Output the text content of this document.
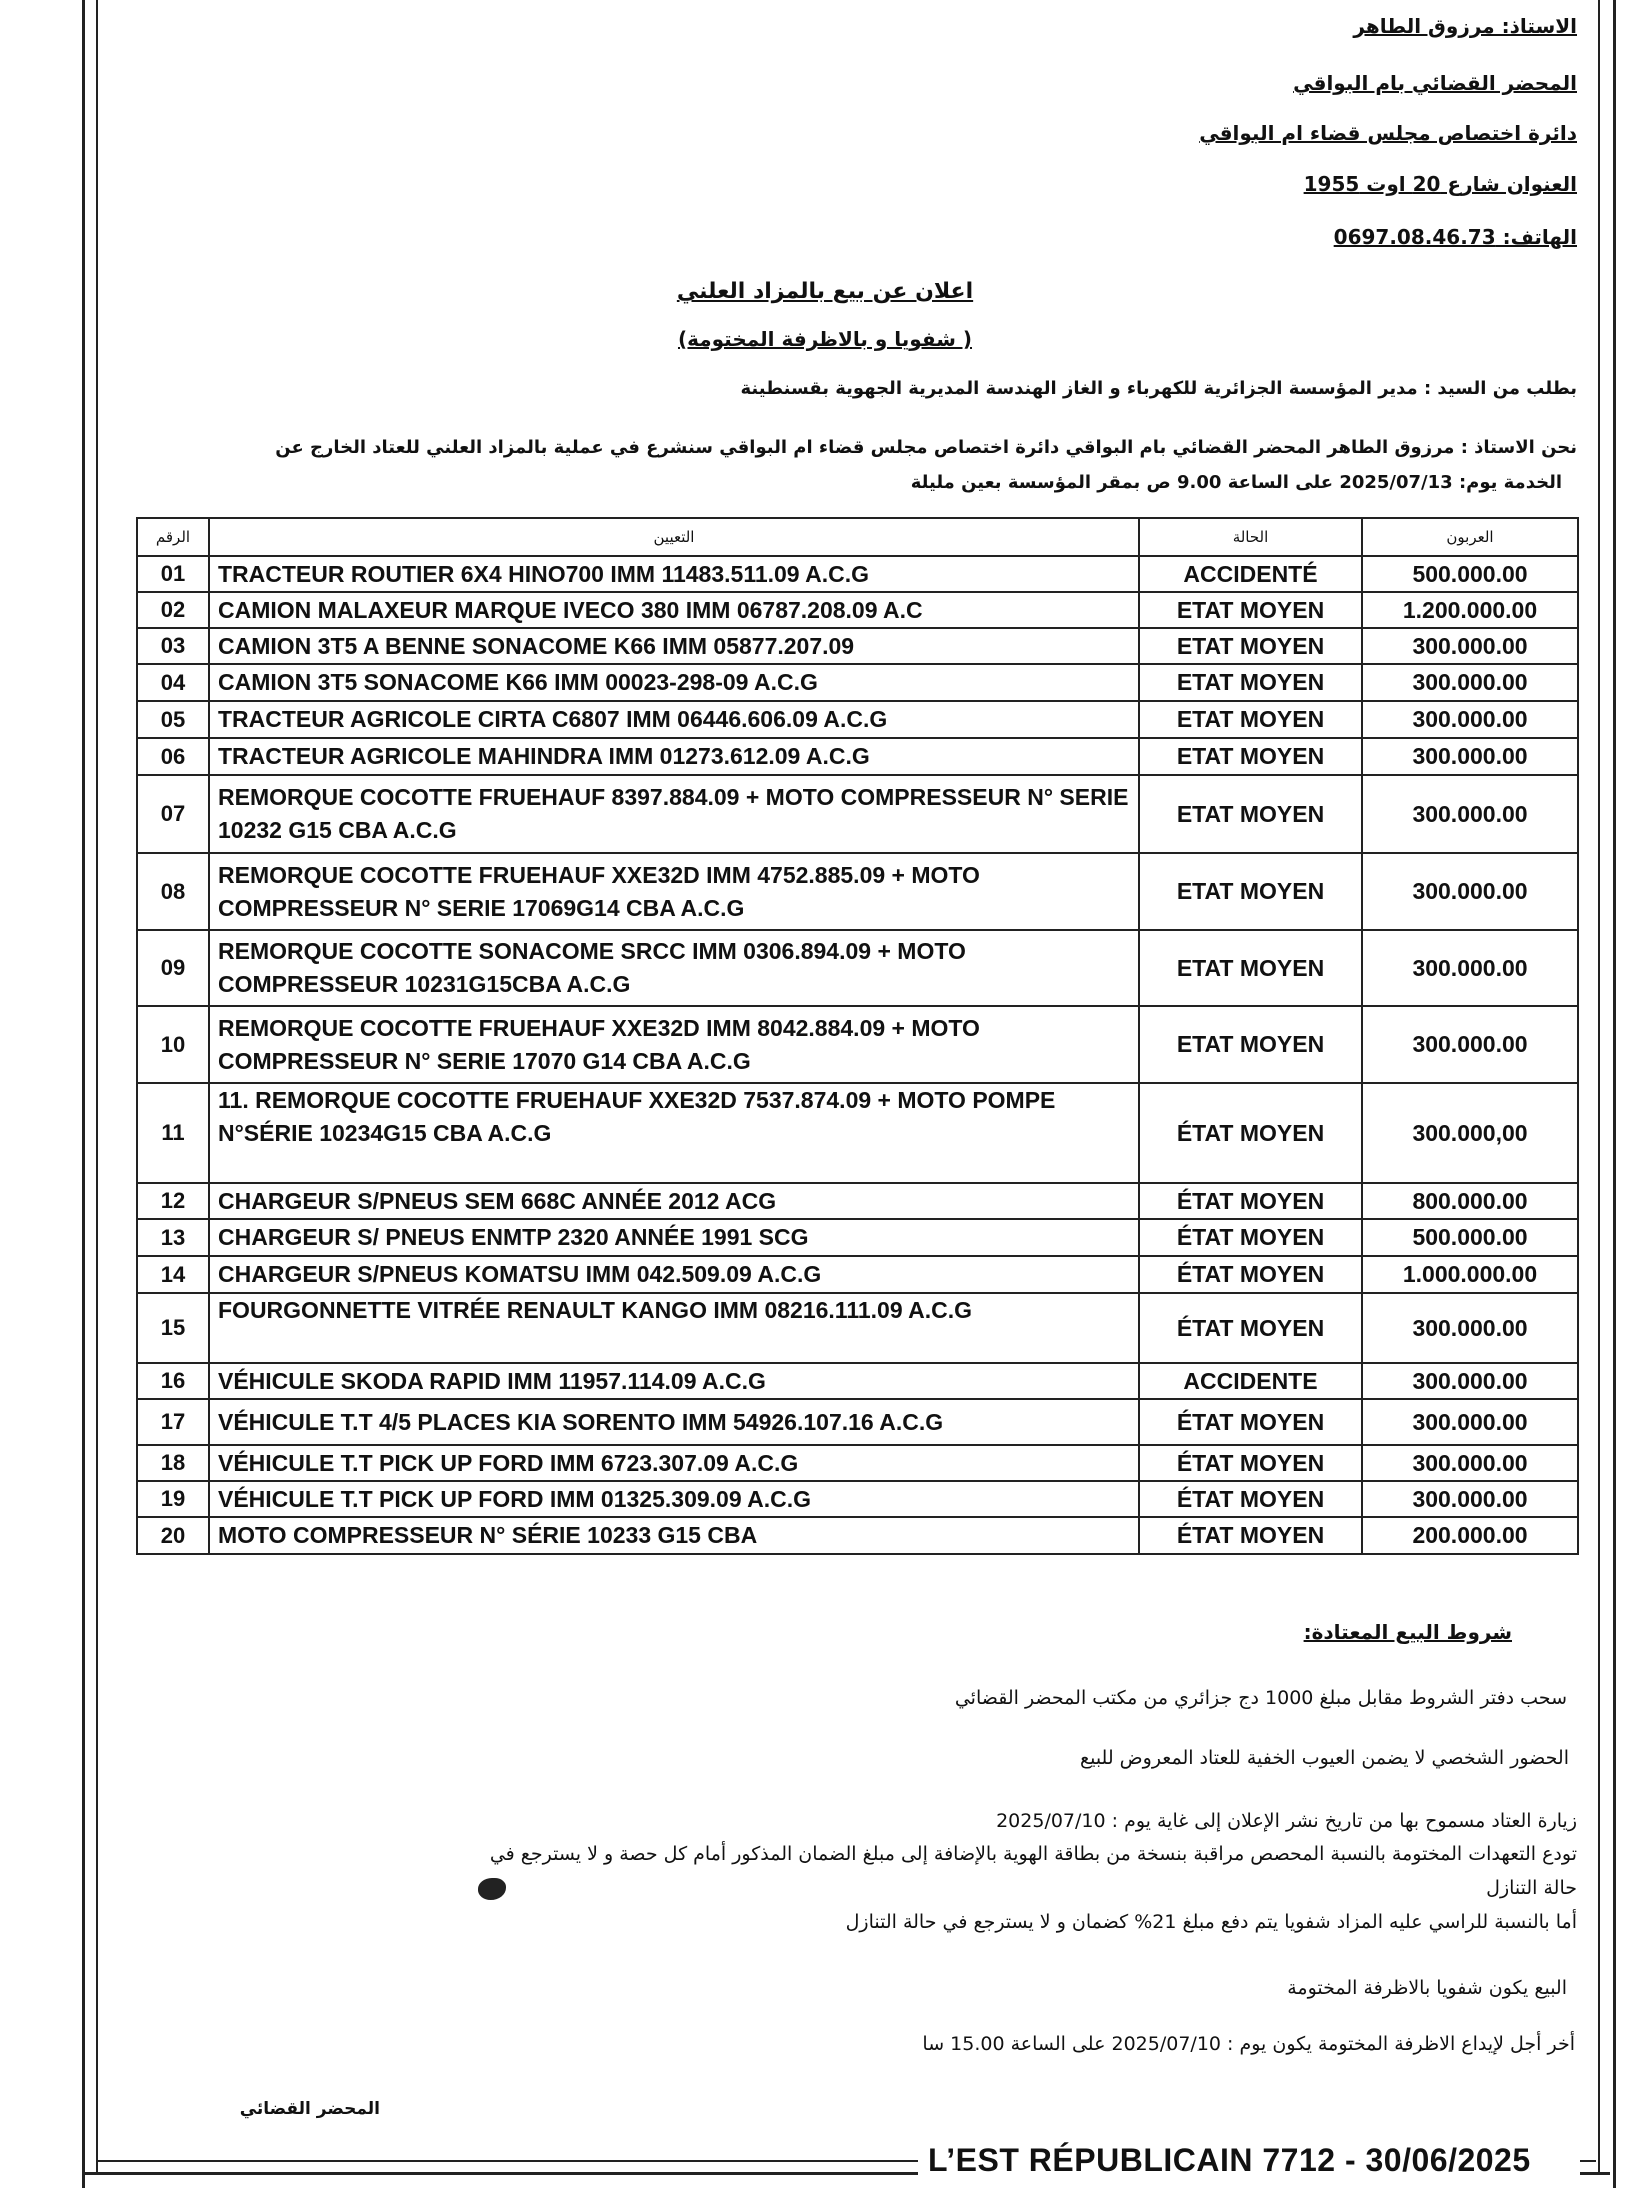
الاستاذ: مرزوق الطاهر
المحضر القضائي بام البواقي
دائرة اختصاص مجلس قضاء ام البواقي
العنوان شارع 20 اوت 1955
الهاتف: 0697.08.46.73
اعلان عن بيع بالمزاد العلني
( شفويا و بالاظرفة المختومة)
بطلب من السيد : مدير المؤسسة الجزائرية للكهرباء و الغاز الهندسة المديرية الجهوية بقسنطينة
نحن الاستاذ : مرزوق الطاهر المحضر القضائي بام البواقي دائرة اختصاص مجلس قضاء ام البواقي سنشرع في عملية بالمزاد العلني للعتاد الخارج عن
الخدمة يوم: 2025/07/13 على الساعة 9.00 ص بمقر المؤسسة بعين مليلة
الرقم	التعيين	الحالة	العربون
01	TRACTEUR ROUTIER 6X4 HINO700 IMM 11483.511.09 A.C.G	ACCIDENTÉ	500.000.00
02	CAMION MALAXEUR MARQUE IVECO 380 IMM 06787.208.09 A.C	ETAT MOYEN	1.200.000.00
03	CAMION 3T5 A BENNE SONACOME K66 IMM 05877.207.09	ETAT MOYEN	300.000.00
04	CAMION 3T5 SONACOME K66 IMM 00023-298-09 A.C.G	ETAT MOYEN	300.000.00
05	TRACTEUR AGRICOLE CIRTA C6807 IMM 06446.606.09 A.C.G	ETAT MOYEN	300.000.00
06	TRACTEUR AGRICOLE MAHINDRA IMM 01273.612.09 A.C.G	ETAT MOYEN	300.000.00
07	REMORQUE COCOTTE FRUEHAUF 8397.884.09 + MOTO COMPRESSEUR N° SERIE 10232 G15 CBA A.C.G	ETAT MOYEN	300.000.00
08	REMORQUE COCOTTE FRUEHAUF XXE32D IMM 4752.885.09 + MOTO COMPRESSEUR N° SERIE 17069G14 CBA A.C.G	ETAT MOYEN	300.000.00
09	REMORQUE COCOTTE SONACOME SRCC IMM 0306.894.09 + MOTO COMPRESSEUR 10231G15CBA A.C.G	ETAT MOYEN	300.000.00
10	REMORQUE COCOTTE FRUEHAUF XXE32D IMM 8042.884.09 + MOTO COMPRESSEUR N° SERIE 17070 G14 CBA A.C.G	ETAT MOYEN	300.000.00
11	11. REMORQUE COCOTTE FRUEHAUF XXE32D 7537.874.09 + MOTO POMPE N°SÉRIE 10234G15 CBA A.C.G	ÉTAT MOYEN	300.000,00
12	CHARGEUR S/PNEUS SEM 668C ANNÉE 2012 ACG	ÉTAT MOYEN	800.000.00
13	CHARGEUR S/ PNEUS ENMTP 2320 ANNÉE 1991 SCG	ÉTAT MOYEN	500.000.00
14	CHARGEUR S/PNEUS KOMATSU IMM 042.509.09 A.C.G	ÉTAT MOYEN	1.000.000.00
15	FOURGONNETTE VITRÉE RENAULT KANGO IMM 08216.111.09 A.C.G	ÉTAT MOYEN	300.000.00
16	VÉHICULE SKODA RAPID IMM 11957.114.09 A.C.G	ACCIDENTE	300.000.00
17	VÉHICULE T.T 4/5 PLACES KIA SORENTO IMM 54926.107.16 A.C.G	ÉTAT MOYEN	300.000.00
18	VÉHICULE T.T PICK UP FORD IMM 6723.307.09 A.C.G	ÉTAT MOYEN	300.000.00
19	VÉHICULE T.T PICK UP FORD IMM 01325.309.09 A.C.G	ÉTAT MOYEN	300.000.00
20	MOTO COMPRESSEUR N° SÉRIE 10233 G15 CBA	ÉTAT MOYEN	200.000.00
شروط البيع المعتادة:
سحب دفتر الشروط مقابل مبلغ 1000 دج جزائري من مكتب المحضر القضائي
الحضور الشخصي لا يضمن العيوب الخفية للعتاد المعروض للبيع
زيارة العتاد مسموح بها من تاريخ نشر الإعلان إلى غاية يوم : 2025/07/10
تودع التعهدات المختومة بالنسبة المحصص مراقبة بنسخة من بطاقة الهوية بالإضافة إلى مبلغ الضمان المذكور أمام كل حصة و لا يسترجع في
حالة التنازل
أما بالنسبة للراسي عليه المزاد شفويا يتم دفع مبلغ 21% كضمان و لا يسترجع في حالة التنازل
البيع يكون شفويا بالاظرفة المختومة
أخر أجل لإيداع الاظرفة المختومة يكون يوم : 2025/07/10 على الساعة 15.00 سا
المحضر القضائي
L’EST RÉPUBLICAIN 7712 - 30/06/2025
